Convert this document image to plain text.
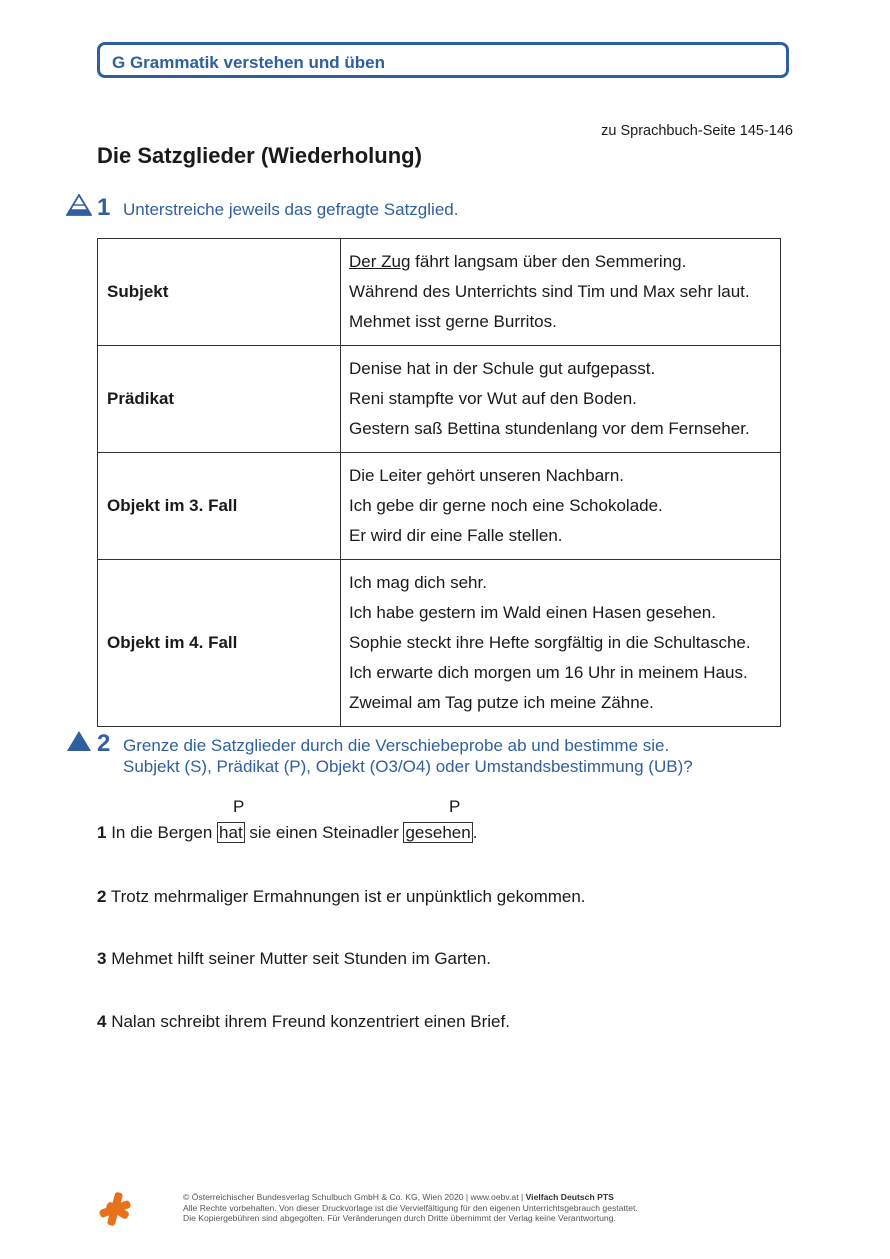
G Grammatik verstehen und üben
zu Sprachbuch-Seite 145-146
Die Satzglieder (Wiederholung)
1 Unterstreiche jeweils das gefragte Satzglied.
Subjekt	Der Zug fährt langsam über den Semmering.
Während des Unterrichts sind Tim und Max sehr laut.
Mehmet isst gerne Burritos.

Prädikat	Denise hat in der Schule gut aufgepasst.
Reni stampfte vor Wut auf den Boden.
Gestern saß Bettina stundenlang vor dem Fernseher.

Objekt im 3. Fall	Die Leiter gehört unseren Nachbarn.
Ich gebe dir gerne noch eine Schokolade.
Er wird dir eine Falle stellen.

Objekt im 4. Fall	Ich mag dich sehr.
Ich habe gestern im Wald einen Hasen gesehen.
Sophie steckt ihre Hefte sorgfältig in die Schultasche.
Ich erwarte dich morgen um 16 Uhr in meinem Haus.
Zweimal am Tag putze ich meine Zähne.
2 Grenze die Satzglieder durch die Verschiebeprobe ab und bestimme sie.
Subjekt (S), Prädikat (P), Objekt (O3/O4) oder Umstandsbestimmung (UB)?
P	P
1 In die Bergen hat sie einen Steinadler gesehen .
2 Trotz mehrmaliger Ermahnungen ist er unpünktlich gekommen.
3 Mehmet hilft seiner Mutter seit Stunden im Garten.
4 Nalan schreibt ihrem Freund konzentriert einen Brief.
© Österreichischer Bundesverlag Schulbuch GmbH & Co. KG, Wien 2020 | www.oebv.at | Vielfach Deutsch PTS
Alle Rechte vorbehalten. Von dieser Druckvorlage ist die Vervielfältigung für den eigenen Unterrichtsgebrauch gestattet.
Die Kopiergebühren sind abgegolten. Für Veränderungen durch Dritte übernimmt der Verlag keine Verantwortung.
